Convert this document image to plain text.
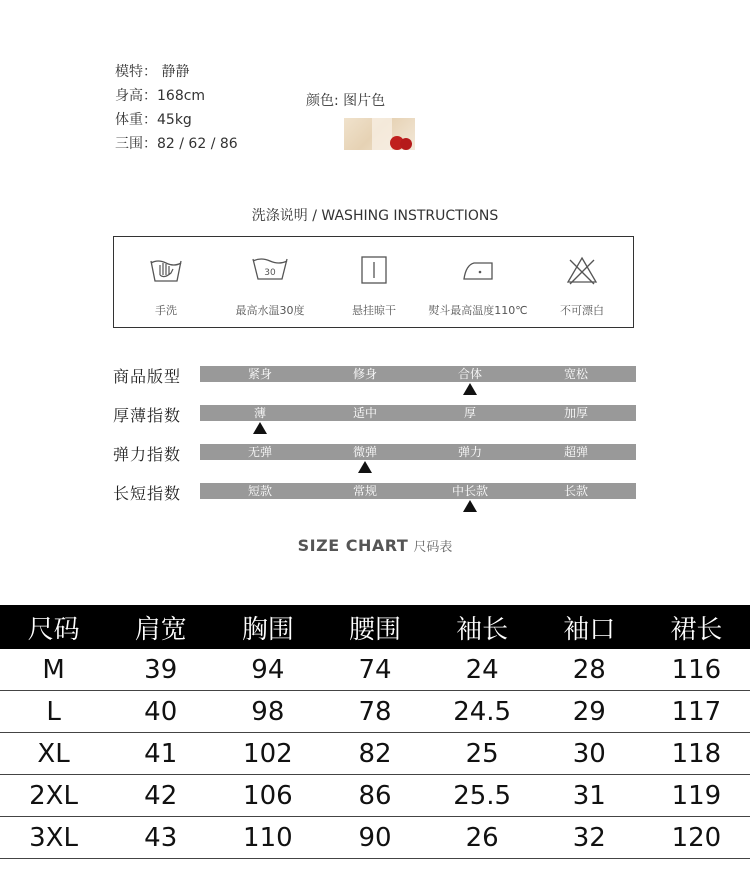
模特： 静静
身高：168cm
体重：45kg
三围：82 / 62 / 86
颜色: 图片色
洗涤说明 / WASHING INSTRUCTIONS
手洗
30
最高水温30度	悬挂晾干	熨斗最高温度110℃	不可漂白
商品版型	紧身	修身	合体	宽松
厚薄指数	薄	适中	厚	加厚
弹力指数	无弹	微弹	弹力	超弹
长短指数	短款	常规	中长款	长款
SIZE CHART 尺码表
尺码	肩宽	胸围	腰围	袖长	袖口	裙长
M	39	94	74	24	28	116
L	40	98	78	24.5	29	117
XL	41	102	82	25	30	118
2XL	42	106	86	25.5	31	119
3XL	43	110	90	26	32	120
